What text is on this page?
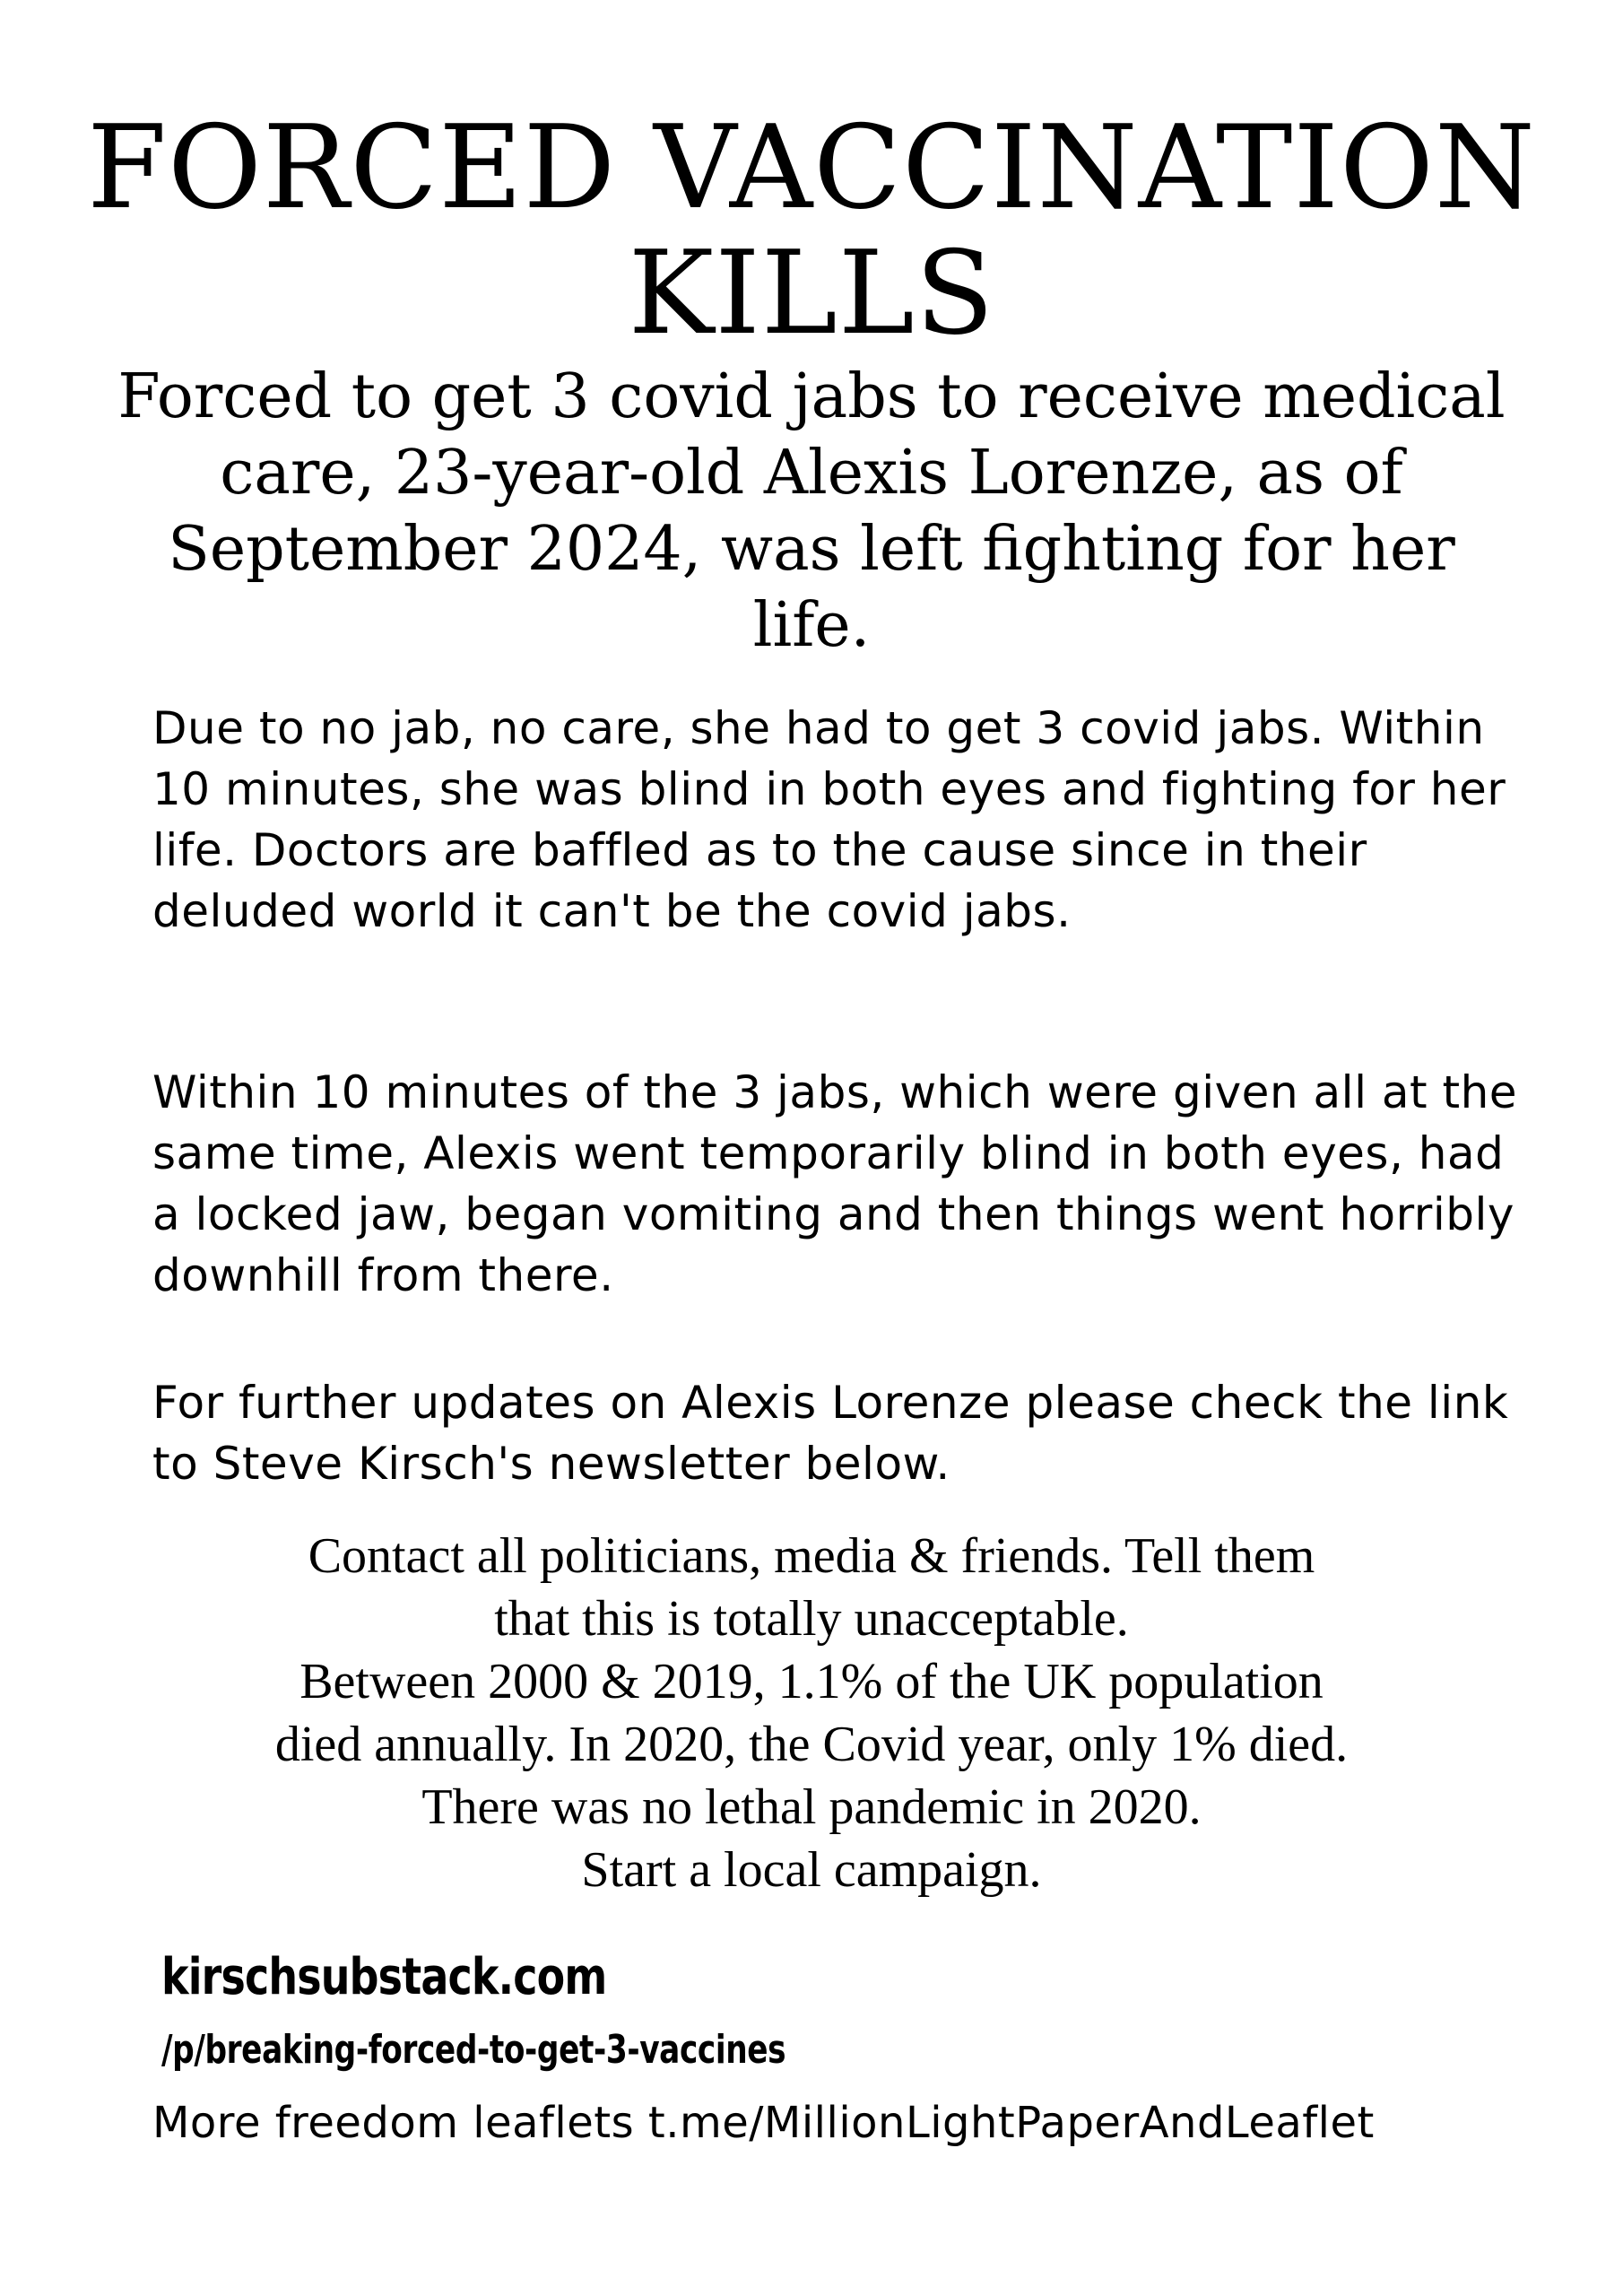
FORCED VACCINATION
KILLS

Forced to get 3 covid jabs to receive medical care, 23-year-old Alexis Lorenze, as of September 2024, was left fighting for her life.

Due to no jab, no care, she had to get 3 covid jabs. Within 10 minutes, she was blind in both eyes and fighting for her life. Doctors are baffled as to the cause since in their deluded world it can't be the covid jabs.

Within 10 minutes of the 3 jabs, which were given all at the same time, Alexis went temporarily blind in both eyes, had a locked jaw, began vomiting and then things went horribly downhill from there.

For further updates on Alexis Lorenze please check the link to Steve Kirsch's newsletter below.

Contact all politicians, media & friends. Tell them
that this is totally unacceptable.
Between 2000 & 2019, 1.1% of the UK population
died annually. In 2020, the Covid year, only 1% died.
There was no lethal pandemic in 2020.
Start a local campaign.

kirschsubstack.com
/p/breaking-forced-to-get-3-vaccines
More freedom leaflets t.me/MillionLightPaperAndLeaflet
